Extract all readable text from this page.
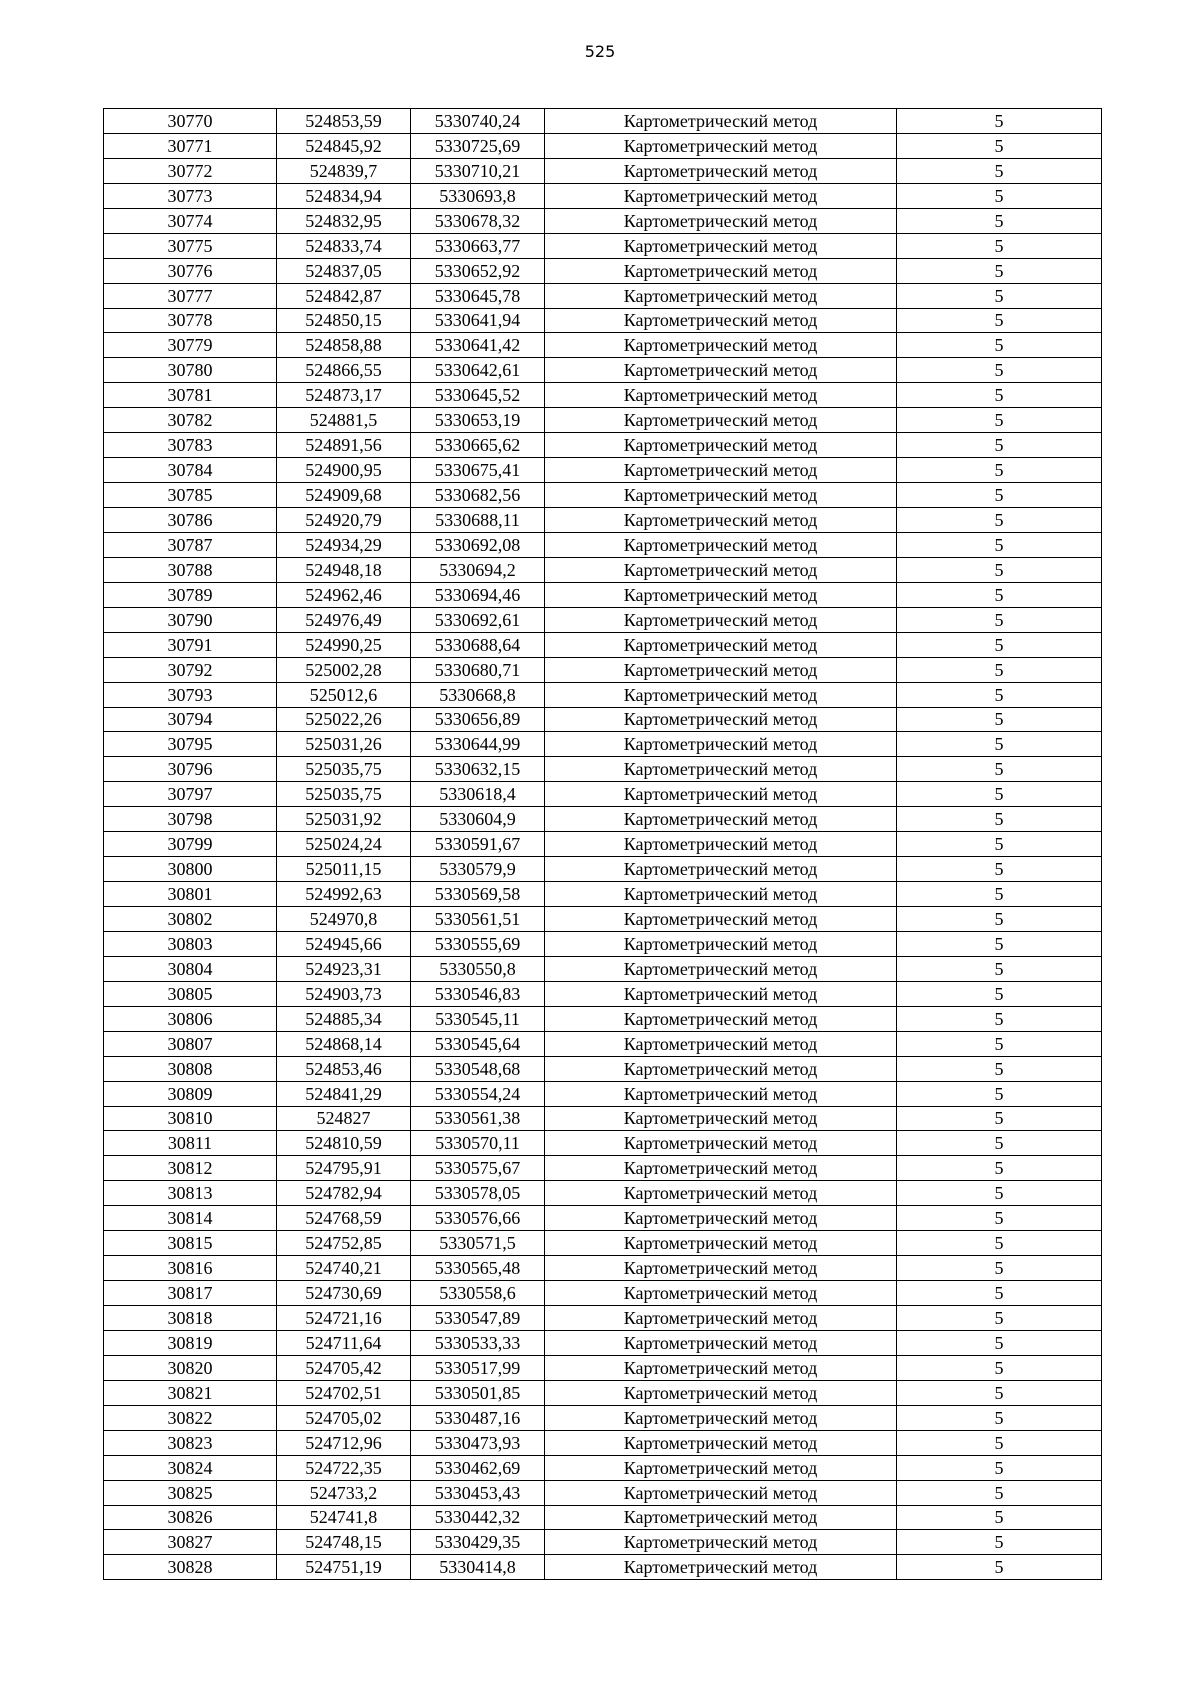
525
30770	524853,59	5330740,24	Картометрический метод	5
30771	524845,92	5330725,69	Картометрический метод	5
30772	524839,7	5330710,21	Картометрический метод	5
30773	524834,94	5330693,8	Картометрический метод	5
30774	524832,95	5330678,32	Картометрический метод	5
30775	524833,74	5330663,77	Картометрический метод	5
30776	524837,05	5330652,92	Картометрический метод	5
30777	524842,87	5330645,78	Картометрический метод	5
30778	524850,15	5330641,94	Картометрический метод	5
30779	524858,88	5330641,42	Картометрический метод	5
30780	524866,55	5330642,61	Картометрический метод	5
30781	524873,17	5330645,52	Картометрический метод	5
30782	524881,5	5330653,19	Картометрический метод	5
30783	524891,56	5330665,62	Картометрический метод	5
30784	524900,95	5330675,41	Картометрический метод	5
30785	524909,68	5330682,56	Картометрический метод	5
30786	524920,79	5330688,11	Картометрический метод	5
30787	524934,29	5330692,08	Картометрический метод	5
30788	524948,18	5330694,2	Картометрический метод	5
30789	524962,46	5330694,46	Картометрический метод	5
30790	524976,49	5330692,61	Картометрический метод	5
30791	524990,25	5330688,64	Картометрический метод	5
30792	525002,28	5330680,71	Картометрический метод	5
30793	525012,6	5330668,8	Картометрический метод	5
30794	525022,26	5330656,89	Картометрический метод	5
30795	525031,26	5330644,99	Картометрический метод	5
30796	525035,75	5330632,15	Картометрический метод	5
30797	525035,75	5330618,4	Картометрический метод	5
30798	525031,92	5330604,9	Картометрический метод	5
30799	525024,24	5330591,67	Картометрический метод	5
30800	525011,15	5330579,9	Картометрический метод	5
30801	524992,63	5330569,58	Картометрический метод	5
30802	524970,8	5330561,51	Картометрический метод	5
30803	524945,66	5330555,69	Картометрический метод	5
30804	524923,31	5330550,8	Картометрический метод	5
30805	524903,73	5330546,83	Картометрический метод	5
30806	524885,34	5330545,11	Картометрический метод	5
30807	524868,14	5330545,64	Картометрический метод	5
30808	524853,46	5330548,68	Картометрический метод	5
30809	524841,29	5330554,24	Картометрический метод	5
30810	524827	5330561,38	Картометрический метод	5
30811	524810,59	5330570,11	Картометрический метод	5
30812	524795,91	5330575,67	Картометрический метод	5
30813	524782,94	5330578,05	Картометрический метод	5
30814	524768,59	5330576,66	Картометрический метод	5
30815	524752,85	5330571,5	Картометрический метод	5
30816	524740,21	5330565,48	Картометрический метод	5
30817	524730,69	5330558,6	Картометрический метод	5
30818	524721,16	5330547,89	Картометрический метод	5
30819	524711,64	5330533,33	Картометрический метод	5
30820	524705,42	5330517,99	Картометрический метод	5
30821	524702,51	5330501,85	Картометрический метод	5
30822	524705,02	5330487,16	Картометрический метод	5
30823	524712,96	5330473,93	Картометрический метод	5
30824	524722,35	5330462,69	Картометрический метод	5
30825	524733,2	5330453,43	Картометрический метод	5
30826	524741,8	5330442,32	Картометрический метод	5
30827	524748,15	5330429,35	Картометрический метод	5
30828	524751,19	5330414,8	Картометрический метод	5
